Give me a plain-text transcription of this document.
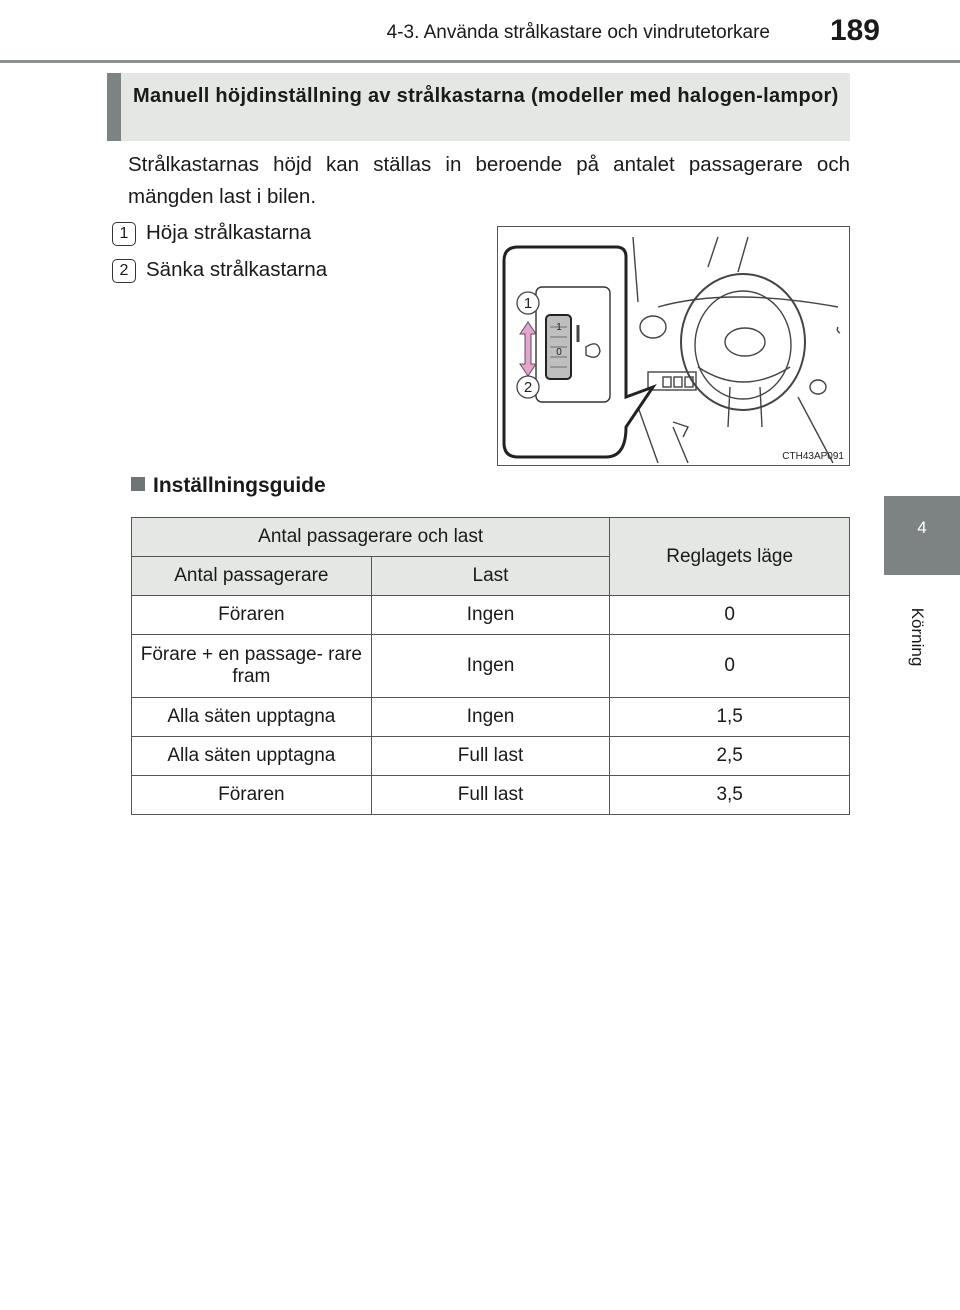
4-3. Använda strålkastare och vindrutetorkare	189
4
Körning
Manuell höjdinställning av strålkastarna (modeller med halogen-lampor)
Strålkastarnas höjd kan ställas in beroende på antalet passagerare och mängden last i bilen.
1 Höja strålkastarna
2 Sänka strålkastarna
1
2
1
0
CTH43AP091
Inställningsguide
Antal passagerare och last		Reglagets läge
Antal passagerare	Last	
Föraren	Ingen	0
Förare + en passage- rare fram	Ingen	0
Alla säten upptagna	Ingen	1,5
Alla säten upptagna	Full last	2,5
Föraren	Full last	3,5
